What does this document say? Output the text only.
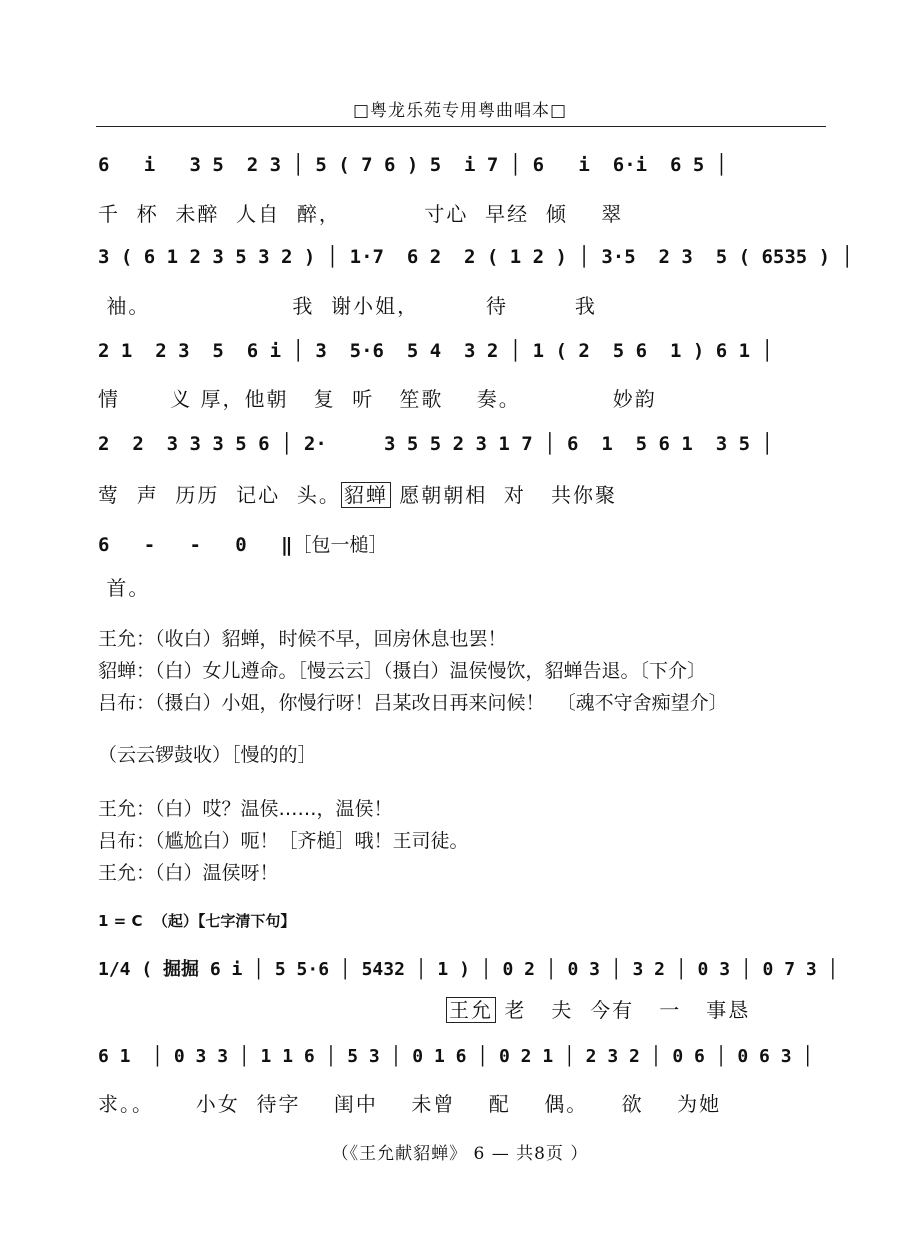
□粤龙乐苑专用粤曲唱本□
6   i   3 5  2 3 │ 5 ( 7 6 ) 5  i 7 │ 6   i  6·i  6 5 │
千  杯  未醉  人自  醉，          寸心  早经  倾    翠
3 ( 6 1 2 3 5 3 2 ) │ 1·7  6 2  2 ( 1 2 ) │ 3·5  2 3  5 ( 6535 ) │
袖。                 我  谢小姐，        待        我
2 1  2 3  5  6 i │ 3  5·6  5 4  3 2 │ 1 ( 2  5 6  1 ) 6 1 │
情      义 厚，他朝   复  听   笙歌    奏。           妙韵
2  2  3 3 3 5 6 │ 2·     3 5 5 2 3 1 7 │ 6  1  5 6 1  3 5 │
莺  声  历历  记心  头。 貂蝉 愿朝朝相  对   共你聚
6   -   -   0   ‖［包一槌］
首。
王允：（收白）貂蝉，时候不早，回房休息也罢！
貂蝉：（白）女儿遵命。［慢云云］（摄白）温侯慢饮，貂蝉告退。〔下介〕
吕布：（摄白）小姐，你慢行呀！吕某改日再来问候！  〔魂不守舍痴望介〕
（云云锣鼓收）［慢的的］
王允：（白）哎？温侯……，温侯！
吕布：（尴尬白）呃！［齐槌］哦！王司徒。
王允：（白）温侯呀！
1 = C  （起）【七字清下句】
1/4 ( 掘掘 6 i │ 5 5·6 │ 5432 │ 1 ) │ 0 2 │ 0 3 │ 3 2 │ 0 3 │ 0 7 3 │
王允 老   夫  今有   一   事恳
6 1  │ 0 3 3 │ 1 1 6 │ 5 3 │ 0 1 6 │ 0 2 1 │ 2 3 2 │ 0 6 │ 0 6 3 │
求。。     小女  待字    闺中    未曾    配    偶。    欲    为她
（《王允献貂蝉》 6 — 共8页 ）
